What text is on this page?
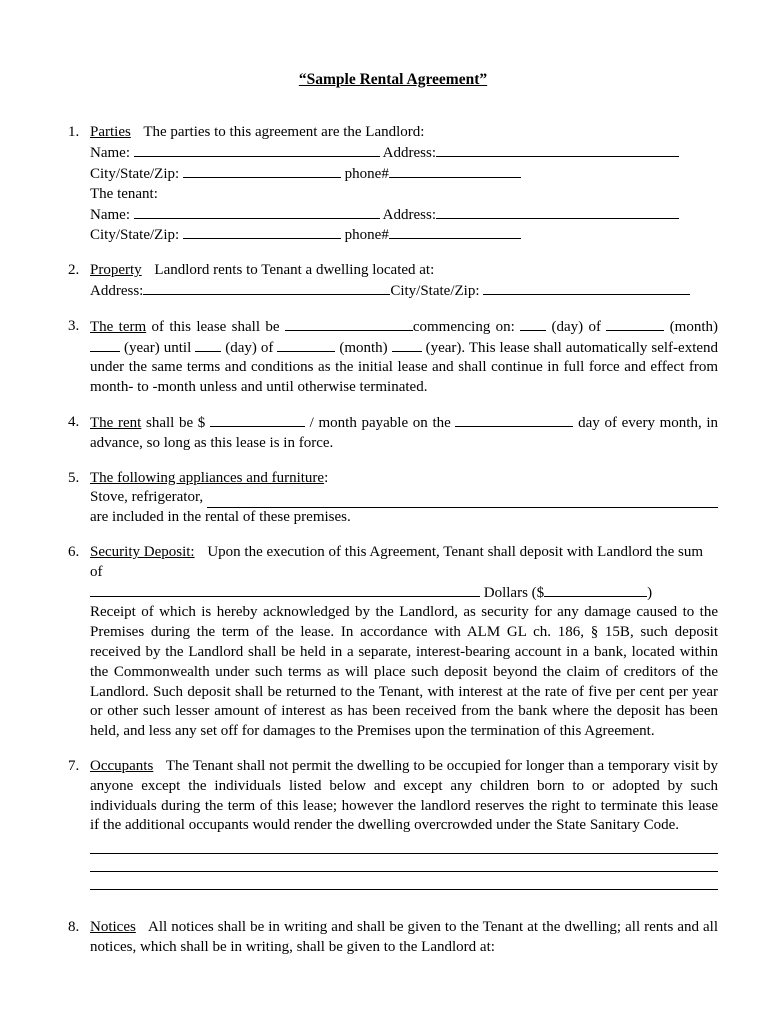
“Sample Rental Agreement”
1. Parties The parties to this agreement are the Landlord:
Name:	Address:
City/State/Zip:	phone#
The tenant:
Name:	Address:
City/State/Zip:	phone#
2. Property Landlord rents to Tenant a dwelling located at:
Address:	City/State/Zip:
3. The term of this lease shall be	commencing on: (day) of	(month)  (year) until (day) of	(month)	(year). This lease shall automatically self-extend under the same terms and conditions as the initial lease and shall continue in full force and effect from month- to -month unless and until otherwise terminated.
4. The rent shall be $	/ month payable on the	day of every month, in advance, so long as this lease is in force.
5. The following appliances and furniture:
Stove, refrigerator,
are included in the rental of these premises.
6. Security Deposit: Upon the execution of this Agreement, Tenant shall deposit with Landlord the sum of
Dollars ($	)
Receipt of which is hereby acknowledged by the Landlord, as security for any damage caused to the Premises during the term of the lease. In accordance with ALM GL ch. 186, § 15B, such deposit received by the Landlord shall be held in a separate, interest-bearing account in a bank, located within the Commonwealth under such terms as will place such deposit beyond the claim of creditors of the Landlord. Such deposit shall be returned to the Tenant, with interest at the rate of five per cent per year or other such lesser amount of interest as has been received from the bank where the deposit has been held, and less any set off for damages to the Premises upon the termination of this Agreement.
7. Occupants The Tenant shall not permit the dwelling to be occupied for longer than a temporary visit by anyone except the individuals listed below and except any children born to or adopted by such individuals during the term of this lease; however the landlord reserves the right to terminate this lease if the additional occupants would render the dwelling overcrowded under the State Sanitary Code.
8. Notices All notices shall be in writing and shall be given to the Tenant at the dwelling; all rents and all notices, which shall be in writing, shall be given to the Landlord at:
